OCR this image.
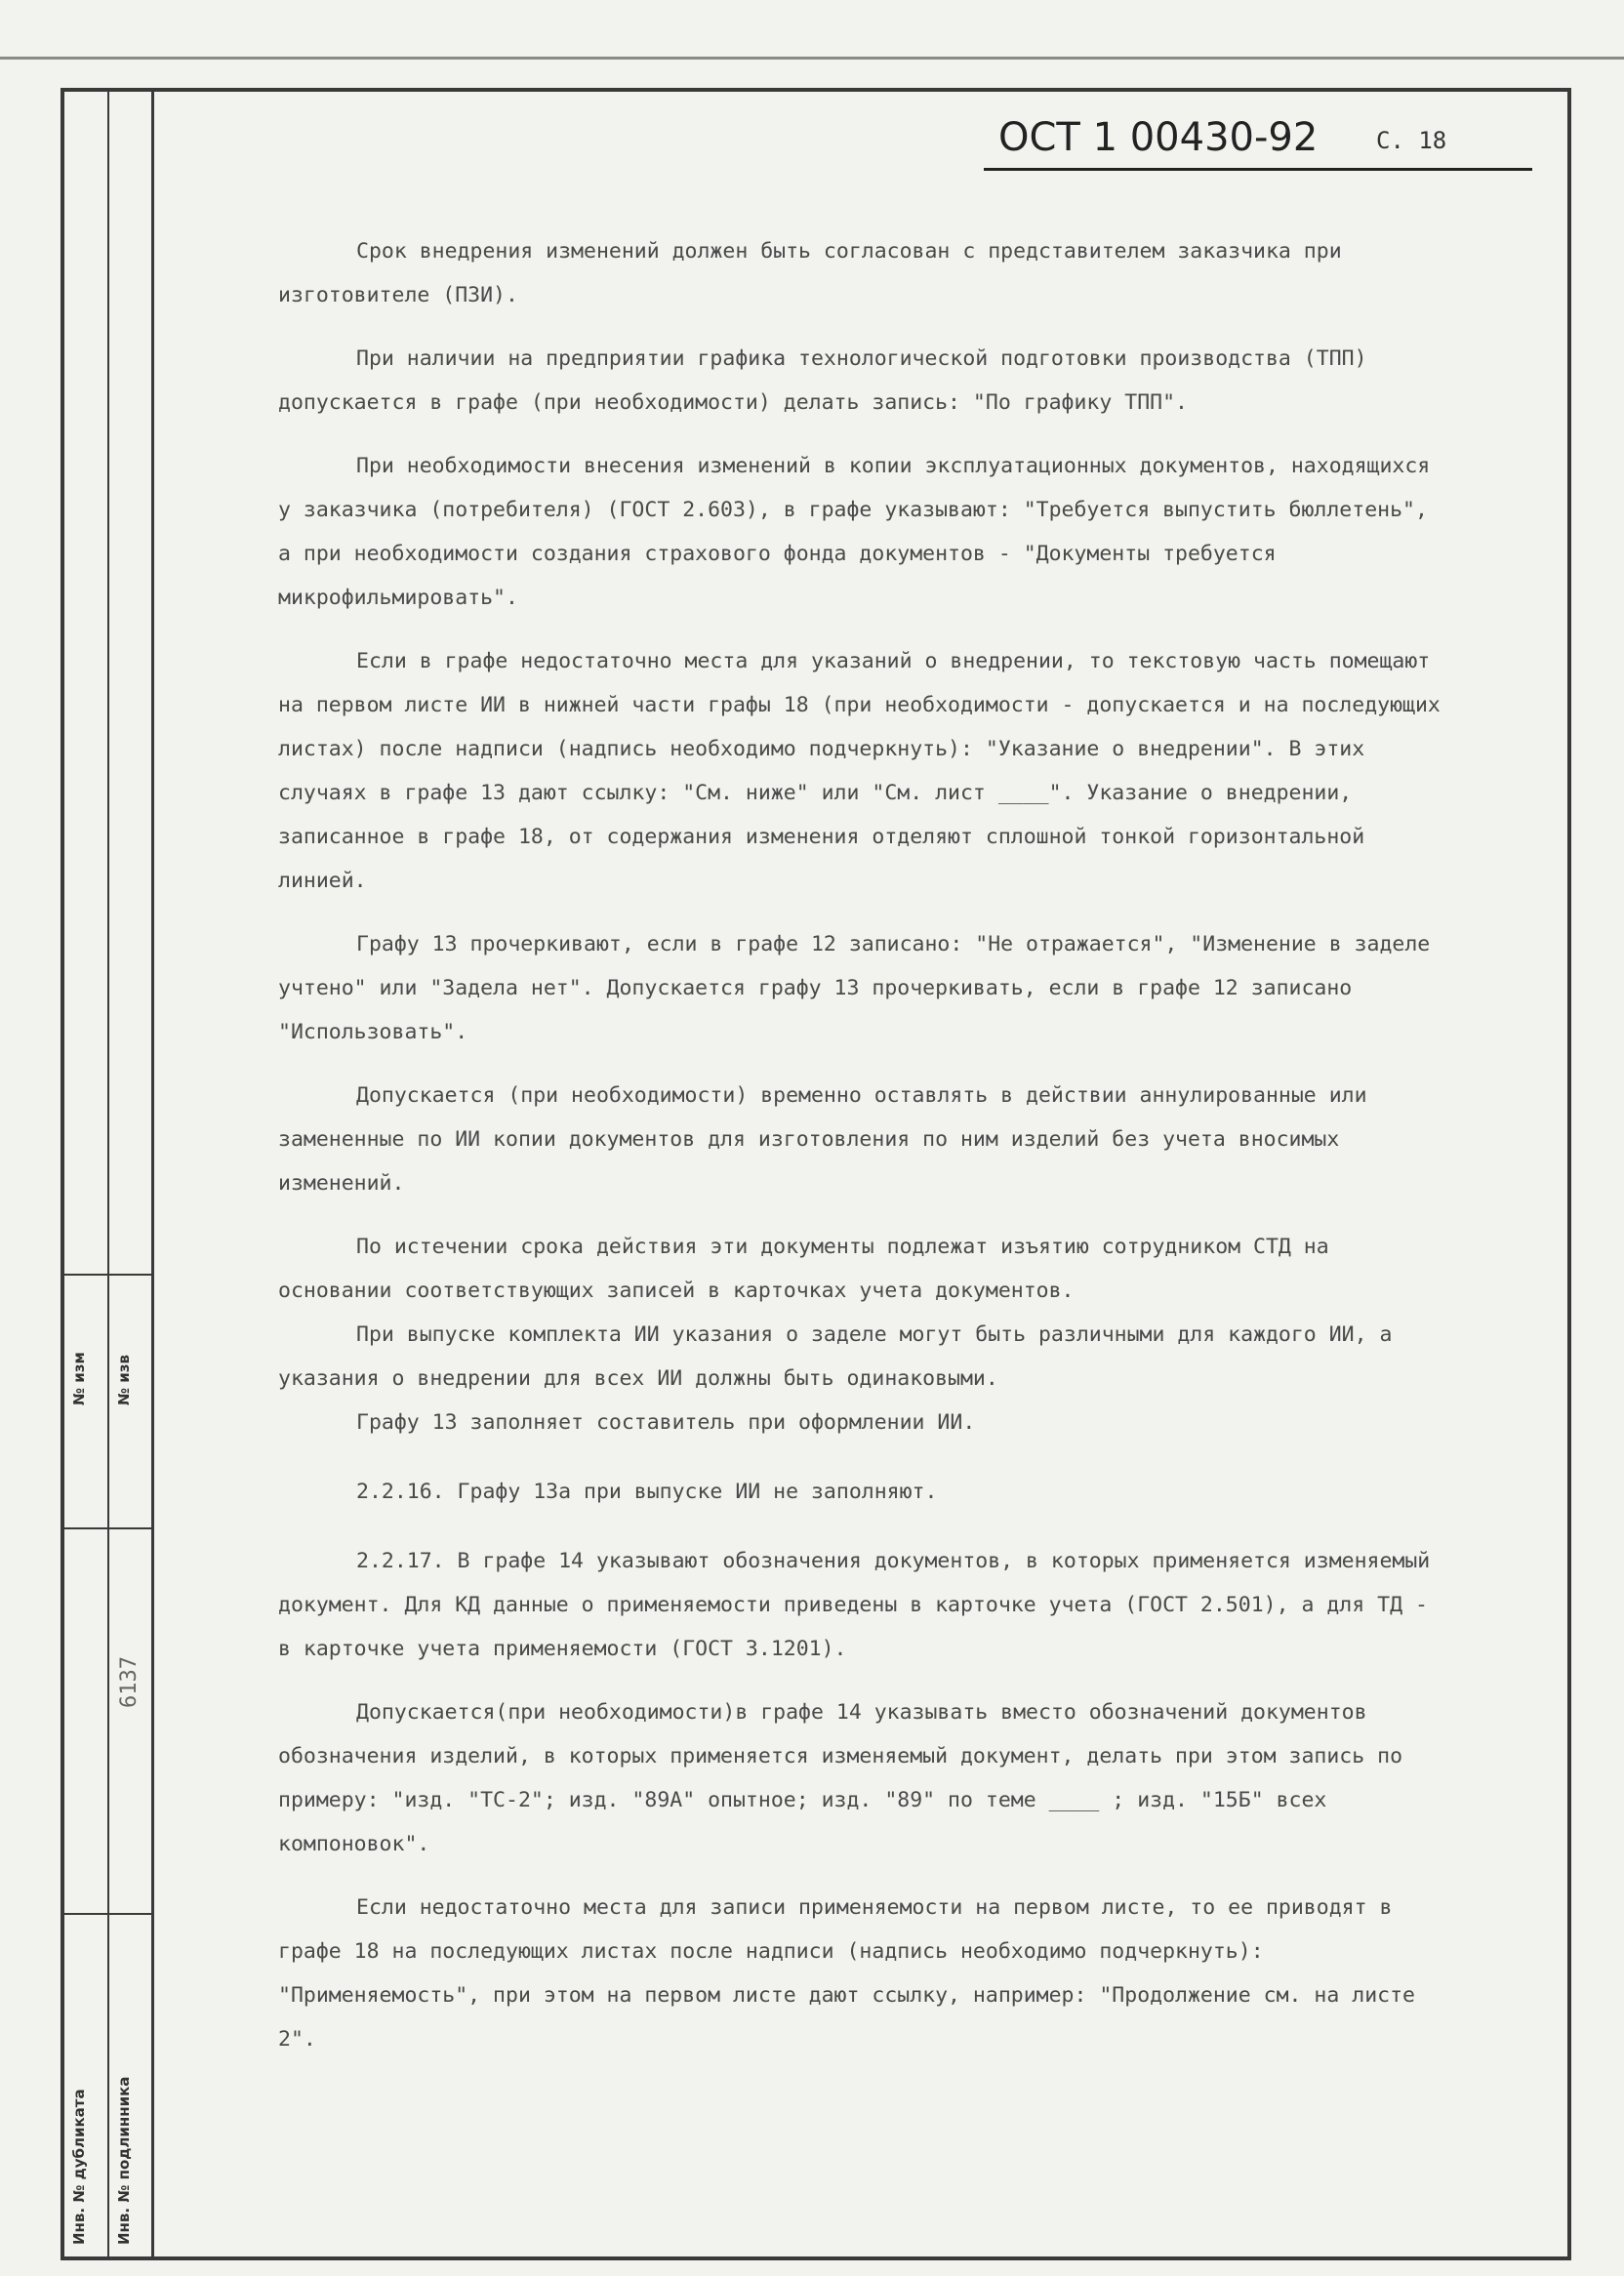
Инв. № подлинника
Инв. № дубликата
№ изв
№ изм
6137
ОСТ 1 00430-92 С. 18

Срок внедрения изменений должен быть согласован с представителем заказчика при изготовителе (ПЗИ).

При наличии на предприятии графика технологической подготовки производства (ТПП) допускается в графе (при необходимости) делать запись: "По графику ТПП".

При необходимости внесения изменений в копии эксплуатационных документов, находящихся у заказчика (потребителя) (ГОСТ 2.603), в графе указывают: "Требуется выпустить бюллетень", а при необходимости создания страхового фонда документов - "Документы требуется микрофильмировать".

Если в графе недостаточно места для указаний о внедрении, то текстовую часть помещают на первом листе ИИ в нижней части графы 18 (при необходимости - допускается и на последующих листах) после надписи (надпись необходимо подчеркнуть): "Указание о внедрении". В этих случаях в графе 13 дают ссылку: "См. ниже" или "См. лист ____". Указание о внедрении, записанное в графе 18, от содержания изменения отделяют сплошной тонкой горизонтальной линией.

Графу 13 прочеркивают, если в графе 12 записано: "Не отражается", "Изменение в заделе учтено" или "Задела нет". Допускается графу 13 прочеркивать, если в графе 12 записано "Использовать".

Допускается (при необходимости) временно оставлять в действии аннулированные или замененные по ИИ копии документов для изготовления по ним изделий без учета вносимых изменений.

По истечении срока действия эти документы подлежат изъятию сотрудником СТД на основании соответствующих записей в карточках учета документов.

При выпуске комплекта ИИ указания о заделе могут быть различными для каждого ИИ, а указания о внедрении для всех ИИ должны быть одинаковыми.

Графу 13 заполняет составитель при оформлении ИИ.

2.2.16. Графу 13а при выпуске ИИ не заполняют.

2.2.17. В графе 14 указывают обозначения документов, в которых применяется изменяемый документ. Для КД данные о применяемости приведены в карточке учета (ГОСТ 2.501), а для ТД - в карточке учета применяемости (ГОСТ 3.1201).

Допускается(при необходимости)в графе 14 указывать вместо обозначений документов обозначения изделий, в которых применяется изменяемый документ, делать при этом запись по примеру: "изд. "ТС-2"; изд. "89А" опытное; изд. "89" по теме ____ ; изд. "15Б" всех компоновок".

Если недостаточно места для записи применяемости на первом листе, то ее приводят в графе 18 на последующих листах после надписи (надпись необходимо подчеркнуть): "Применяемость", при этом на первом листе дают ссылку, например: "Продолжение см. на листе 2".
